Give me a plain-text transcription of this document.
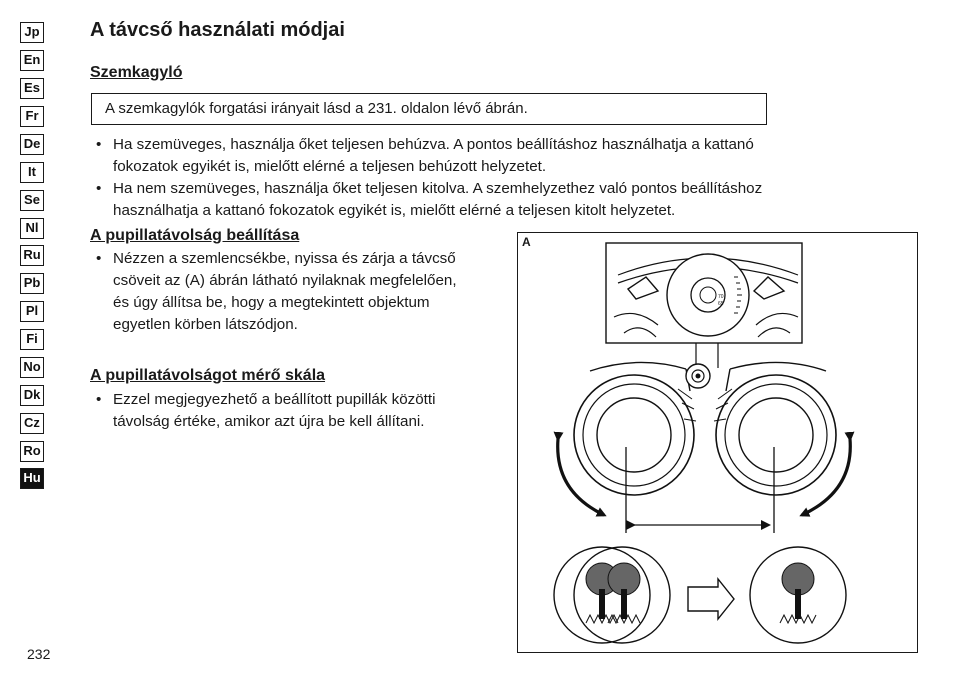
Jp
En
Es
Fr
De
It
Se
Nl
Ru
Pb
Pl
Fi
No
Dk
Cz
Ro
Hu
A távcső használati módjai
Szemkagyló
A szemkagylók forgatási irányait lásd a 231. oldalon lévő ábrán.
• Ha szemüveges, használja őket teljesen behúzva. A pontos beállításhoz használhatja a kattanó
fokozatok egyikét is, mielőtt elérné a teljesen behúzott helyzetet.
• Ha nem szemüveges, használja őket teljesen kitolva. A szemhelyzethez való pontos beállításhoz
használhatja a kattanó fokozatok egyikét is, mielőtt elérné a teljesen kitolt helyzetet.
A pupillatávolság beállítása
• Nézzen a szemlencsékbe, nyissa és zárja a távcső
csöveit az (A) ábrán látható nyilaknak megfelelően,
és úgy állítsa be, hogy a megtekintett objektum
egyetlen körben látszódjon.
A pupillatávolságot mérő skála
• Ezzel megjegyezhető a beállított pupillák közötti
távolság értéke, amikor azt újra be kell állítani.
A
70
65
232
